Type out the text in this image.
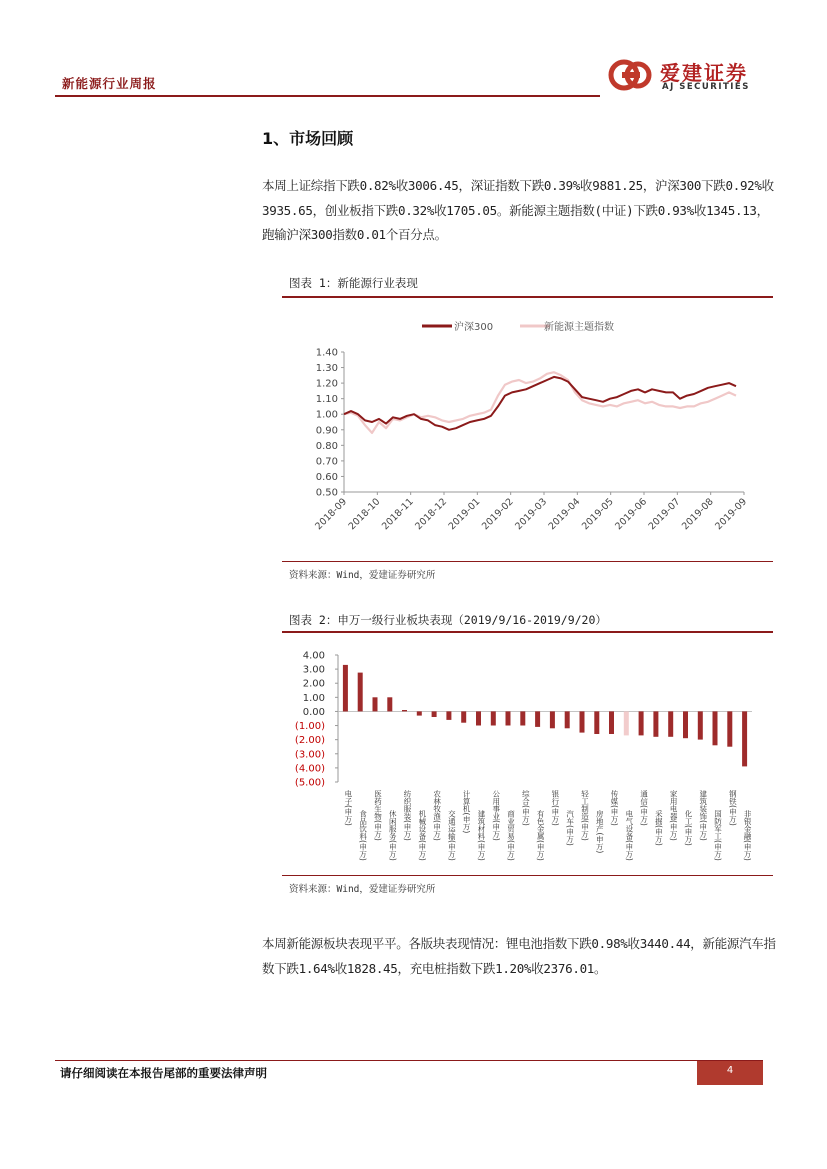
新能源行业周报	爱建证券
AJ SECURITIES
1、市场回顾
本周上证综指下跌0.82%收3006.45，深证指数下跌0.39%收9881.25，沪深300下跌0.92%收3935.65，创业板指下跌0.32%收1705.05。新能源主题指数(中证)下跌0.93%收1345.13，跑输沪深300指数0.01个百分点。
图表 1：新能源行业表现
沪深300	新能源主题指数
1.40
1.30
1.20
1.10
1.00
0.90
0.80
0.70
0.60
0.50
2018-09
2018-10
2018-11
2018-12
2019-01
2019-02
2019-03
2019-04
2019-05
2019-06
2019-07
2019-08
2019-09
资料来源：Wind，爱建证券研究所
图表 2：申万一级行业板块表现（2019/9/16-2019/9/20）
4.00
3.00
2.00
1.00
0.00
(1.00)
(2.00)
(3.00)
(4.00)
(5.00)
电子(申万)
食品饮料(申万) 医药生物(申万) 休闲服务(申万) 纺织服装(申万) 机械设备(申万) 农林牧渔(申万) 交通运输(申万) 计算机(申万) 建筑材料(申万) 公用事业(申万) 商业贸易(申万)
综合(申万)
有色金属(申万)
银行(申万)
汽车(申万) 轻工制造(申万) 房地产(申万)
传媒(申万)
电气设备(申万)
通信(申万)
采掘(申万) 家用电器(申万) 化工(申万) 建筑装饰(申万) 国防军工(申万)
钢铁(申万)
非银金融(申万)
资料来源：Wind，爱建证券研究所
本周新能源板块表现平平。各版块表现情况：锂电池指数下跌0.98%收3440.44，新能源汽车指数下跌1.64%收1828.45，充电桩指数下跌1.20%收2376.01。
请仔细阅读在本报告尾部的重要法律声明	4
